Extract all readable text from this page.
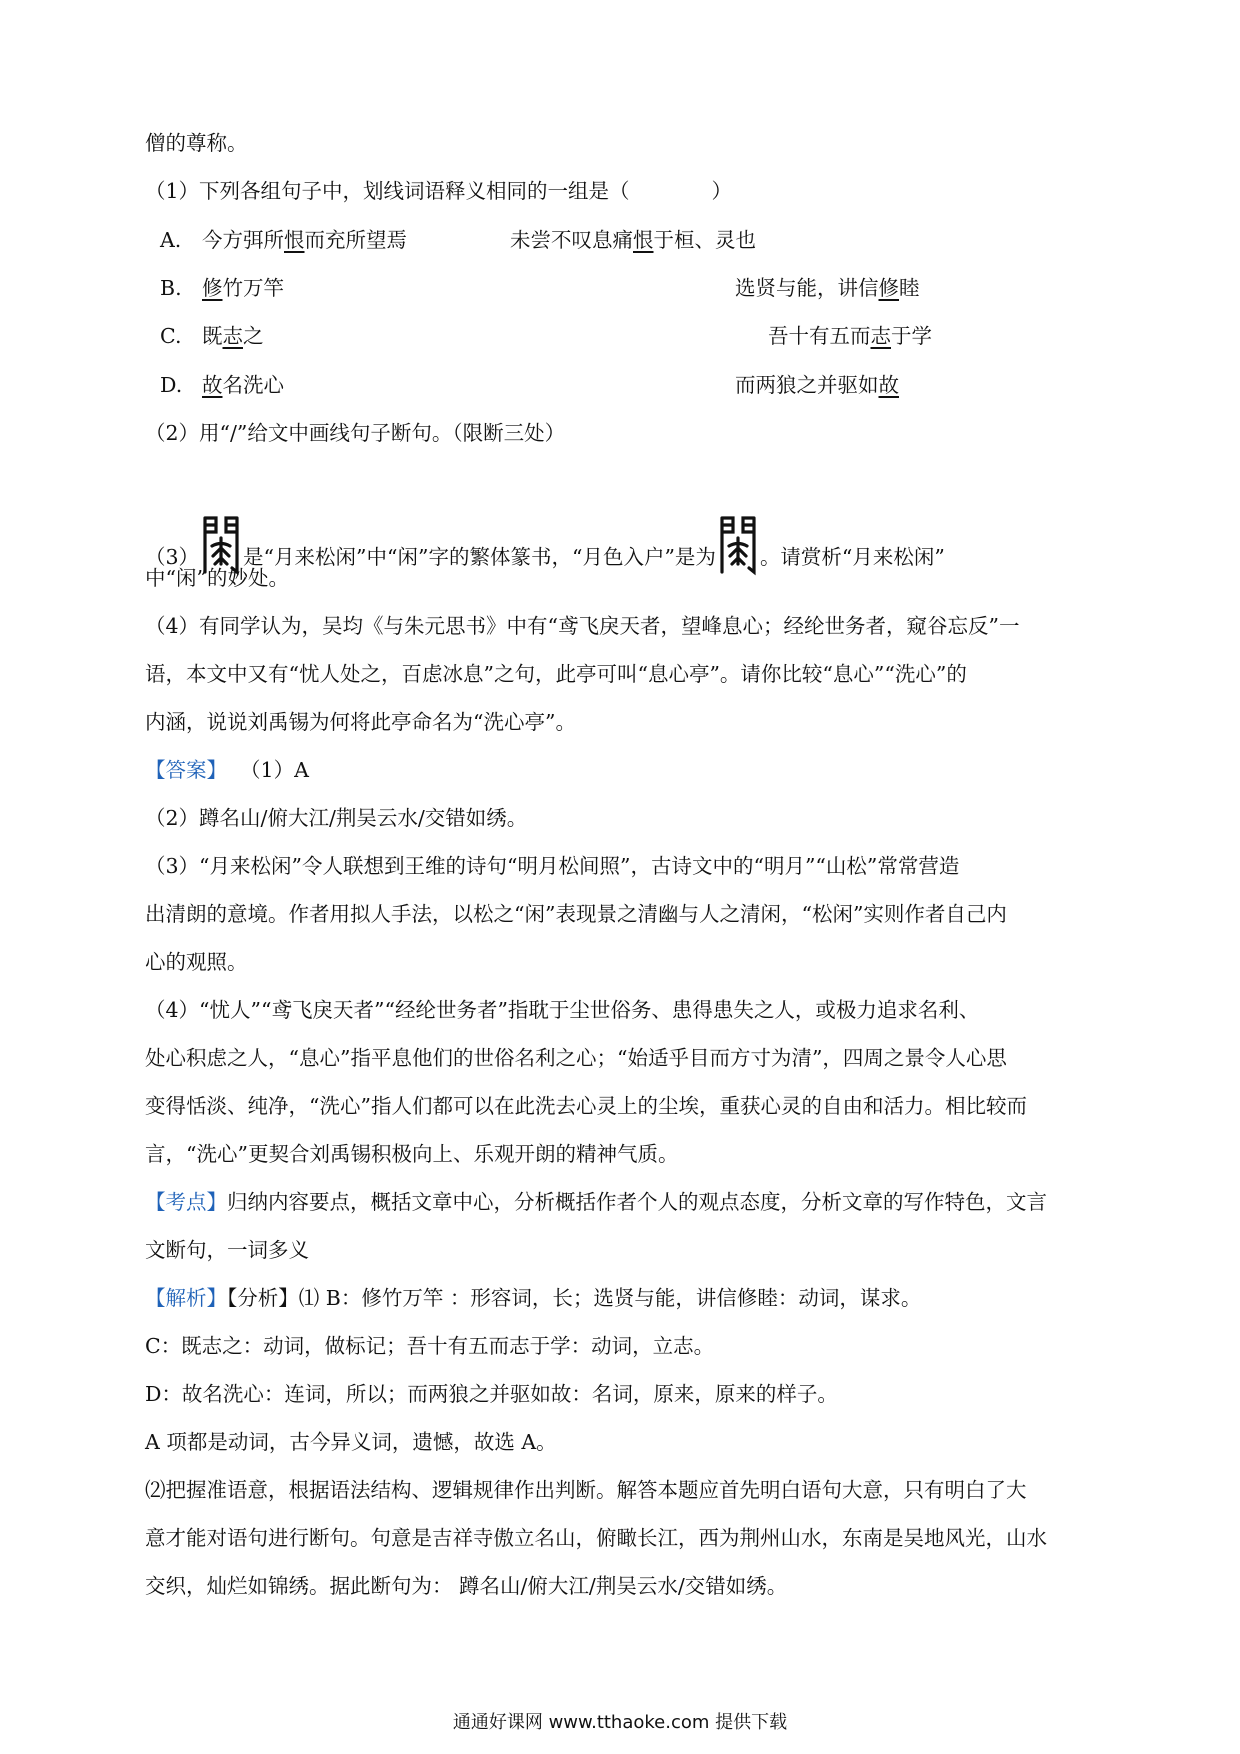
僧的尊称。
（1）下列各组句子中，划线词语释义相同的一组是（　　　　）
A. 今方弭所恨而充所望焉	未尝不叹息痛恨于桓、灵也
B. 修竹万竿	选贤与能，讲信修睦
C. 既志之	吾十有五而志于学
D. 故名洗心	而两狼之并驱如故
（2）用“/”给文中画线句子断句。（限断三处）
（3） 是“月来松闲”中“闲”字的繁体篆书，“月色入户”是为 。请赏析“月来松闲”
中“闲”的妙处。
（4）有同学认为，吴均《与朱元思书》中有“鸢飞戾天者，望峰息心；经纶世务者，窥谷忘反”一
语，本文中又有“忧人处之，百虑冰息”之句，此亭可叫“息心亭”。请你比较“息心”“洗心”的
内涵，说说刘禹锡为何将此亭命名为“洗心亭”。
【答案】 （1）A
（2）蹲名山/俯大江/荆吴云水/交错如绣。
（3）“月来松闲”令人联想到王维的诗句“明月松间照”，古诗文中的“明月”“山松”常常营造
出清朗的意境。作者用拟人手法，以松之“闲”表现景之清幽与人之清闲，“松闲”实则作者自己内
心的观照。
（4）“忧人”“鸢飞戾天者”“经纶世务者”指耽于尘世俗务、患得患失之人，或极力追求名利、
处心积虑之人，“息心”指平息他们的世俗名利之心；“始适乎目而方寸为清”，四周之景令人心思
变得恬淡、纯净，“洗心”指人们都可以在此洗去心灵上的尘埃，重获心灵的自由和活力。相比较而
言，“洗心”更契合刘禹锡积极向上、乐观开朗的精神气质。
【考点】归纳内容要点，概括文章中心，分析概括作者个人的观点态度，分析文章的写作特色，文言
文断句，一词多义
【解析】【分析】⑴ B：修竹万竿 ：形容词，长；选贤与能，讲信修睦：动词，谋求。
C：既志之：动词，做标记；吾十有五而志于学：动词，立志。
D：故名洗心：连词，所以；而两狼之并驱如故：名词，原来，原来的样子。
A 项都是动词，古今异义词，遗憾，故选 A。
⑵把握准语意，根据语法结构、逻辑规律作出判断。解答本题应首先明白语句大意，只有明白了大
意才能对语句进行断句。句意是吉祥寺傲立名山，俯瞰长江，西为荆州山水，东南是吴地风光，山水
交织，灿烂如锦绣。据此断句为： 蹲名山/俯大江/荆吴云水/交错如绣。
通通好课网 www.tthaoke.com 提供下载
